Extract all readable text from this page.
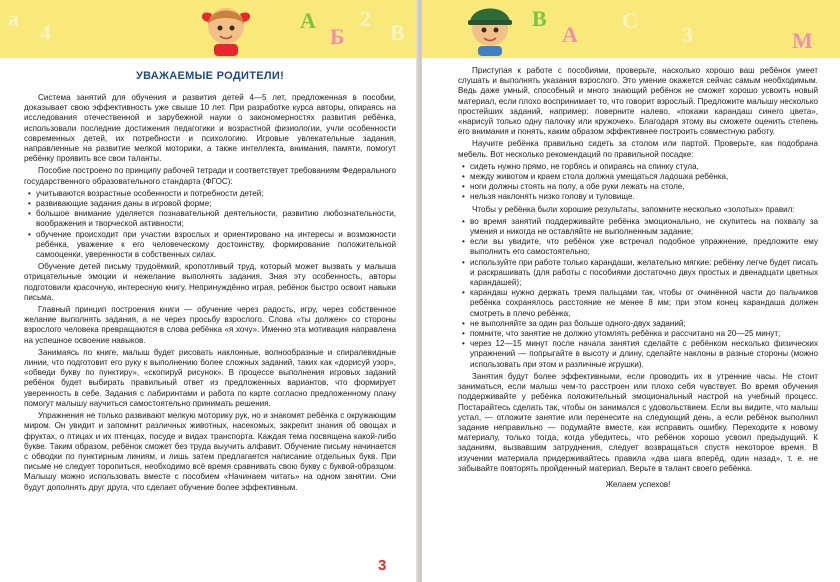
a
4	A
Б
2
В
УВАЖАЕМЫЕ РОДИТЕЛИ!

Система занятий для обучения и развития детей 4—5 лет, предложенная в пособии, доказывает свою эффективность уже свыше 10 лет. При разработке курса авторы, опираясь на исследования отечественной и зарубежной науки о закономерностях развития ребёнка, использовали последние достижения педагогики и возрастной физиологии, учли особенности современных детей, их потребности и психологию. Игровые увлекательные задания, направленные на развитие мелкой моторики, а также интеллекта, внимания, памяти, помогут ребёнку проявить все свои таланты.

Пособие построено по принципу рабочей тетради и соответствует требованиям Федерального государственного образовательного стандарта (ФГОС):

• учитываются возрастные особенности и потребности детей;
• развивающие задания даны в игровой форме;
• большое внимание уделяется познавательной деятельности, развитию любознательности, воображения и творческой активности;
• обучение происходит при участии взрослых и ориентировано на интересы и возможности ребёнка, уважение к его человеческому достоинству, формирование положительной самооценки, уверенности в собственных силах.

Обучение детей письму трудоёмкий, кропотливый труд, который может вызвать у малыша отрицательные эмоции и нежелание выполнять задания. Зная эту особенность, авторы подготовили красочную, интересную книгу. Непринуждённо играя, ребёнок быстро освоит навыки письма.

Главный принцип построения книги — обучение через радость, игру, через собственное желание выполнять задания, а не через просьбу взрослого. Слова «ты должен» со стороны взрослого человека превращаются в слова ребёнка «я хочу». Именно эта мотивация направлена на успешное освоение навыков.

Занимаясь по книге, малыш будет рисовать наклонные, волнообразные и спиралевидные линии, что подготовит его руку к выполнению более сложных заданий, таких как «дорисуй узор», «обведи букву по пунктиру», «скопируй рисунок». В процессе выполнения игровых заданий ребёнок будет выбирать правильный ответ из предложенных вариантов, что формирует уверенность в себе. Задания с лабиринтами и работа по карте согласно предложенному плану помогут малышу научиться самостоятельно принимать решения.

Упражнения не только развивают мелкую моторику рук, но и знакомят ребёнка с окружающим миром. Он увидит и запомнит различных животных, насекомых, закрепит знания об овощах и фруктах, о птицах и их птенцах, посуде и видах транспорта. Каждая тема посвящена какой-либо букве. Таким образом, ребёнок сможет без труда выучить алфавит. Обучение письму начинается с обводки по пунктирным линиям, и лишь затем предлагается написание отдельных букв. При письме не следует торопиться, необходимо всё время сравнивать свою букву с буквой-образцом. Малышу можно использовать вместе с пособием «Начинаем читать» на одном занятии. Они будут дополнять друг друга, что сделает обучение более эффективным.

3
В
A
С
3	М

Приступая к работе с пособиями, проверьте, насколько хорошо ваш ребёнок умеет слушать и выполнять указания взрослого. Это умение окажется сейчас самым необходимым. Ведь даже умный, способный и много знающий ребёнок не сможет хорошо усвоить новый материал, если плохо воспринимает то, что говорит взрослый. Предложите малышу несколько простейших заданий, например: поверните налево, «покажи карандаш синего цвета», «нарисуй только одну палочку или кружочек». Благодаря этому вы сможете оценить степень его внимания и понять, каким образом эффективнее построить совместную работу.

Научите ребёнка правильно сидеть за столом или партой. Проверьте, как подобрана мебель. Вот несколько рекомендаций по правильной посадке:

• сидеть нужно прямо, не горбясь и опираясь на спинку стула,
• между животом и краем стола должна умещаться ладошка ребёнка,
• ноги должны стоять на полу, а обе руки лежать на столе,
• нельзя наклонять низко голову и туловище.

Чтобы у ребёнка были хорошие результаты, запомните несколько «золотых» правил:

• во время занятий поддерживайте ребёнка эмоционально, не скупитесь на похвалу за умения и никогда не оставляйте не выполненным задание;
• если вы увидите, что ребёнок уже встречал подобное упражнение, предложите ему выполнить его самостоятельно;
• используйте при работе только карандаши, желательно мягкие: ребёнку легче будет писать и раскрашивать (для работы с пособиями достаточно двух простых и двенадцати цветных карандашей);
• карандаш нужно держать тремя пальцами так, чтобы от очинённой части до пальчиков ребёнка сохранялось расстояние не менее 8 мм; при этом конец карандаша должен смотреть в плечо ребёнка;
• не выполняйте за один раз больше одного-двух заданий;
• помните, что занятие не должно утомлять ребёнка и рассчитано на 20—25 минут;
• через 12—15 минут после начала занятия сделайте с ребёнком несколько физических упражнений — попрыгайте в высоту и длину, сделайте наклоны в разные стороны (можно использовать при этом и различные игрушки).

Занятия будут более эффективными, если проводить их в утренние часы. Не стоит заниматься, если малыш чем-то расстроен или плохо себя чувствует. Во время обучения поддерживайте у ребёнка положительный эмоциональный настрой на учебный процесс. Постарайтесь сделать так, чтобы он занимался с удовольствием. Если вы видите, что малыш устал, — отложите занятие или перенесите на следующий день, а если ребёнок выполнил задание неправильно — подумайте вместе, как исправить ошибку. Переходите к новому материалу, только тогда, когда убедитесь, что ребёнок хорошо усвоил предыдущий. К заданиям, вызвавшим затруднения, следует возвращаться спустя некоторое время. В изучении материала придерживайтесь правила «два шага вперёд, один назад», т. е. не забывайте повторять пройденный материал. Верьте в талант своего ребёнка.

Желаем успехов!
